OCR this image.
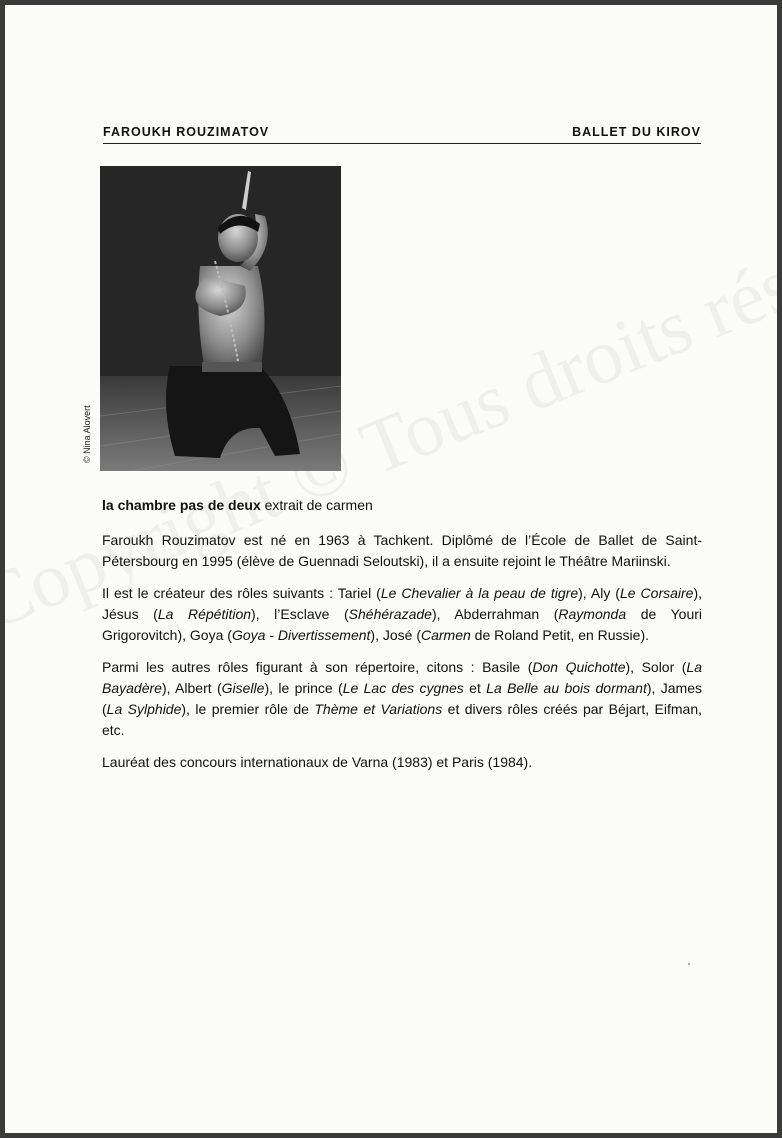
FAROUKH ROUZIMATOV	BALLET DU KIROV
© Nina Alovert

la chambre pas de deux extrait de carmen

Faroukh Rouzimatov est né en 1963 à Tachkent. Diplômé de l’École de Ballet de Saint-Pétersbourg en 1995 (élève de Guennadi Seloutski), il a ensuite rejoint le Théâtre Mariinski.

Il est le créateur des rôles suivants : Tariel (Le Chevalier à la peau de tigre), Aly (Le Corsaire), Jésus (La Répétition), l’Esclave (Shéhérazade), Abderrahman (Raymonda de Youri Grigorovitch), Goya (Goya - Divertissement), José (Carmen de Roland Petit, en Russie).

Parmi les autres rôles figurant à son répertoire, citons : Basile (Don Quichotte), Solor (La Bayadère), Albert (Giselle), le prince (Le Lac des cygnes et La Belle au bois dormant), James (La Sylphide), le premier rôle de Thème et Variations et divers rôles créés par Béjart, Eifman, etc.

Lauréat des concours internationaux de Varna (1983) et Paris (1984).
